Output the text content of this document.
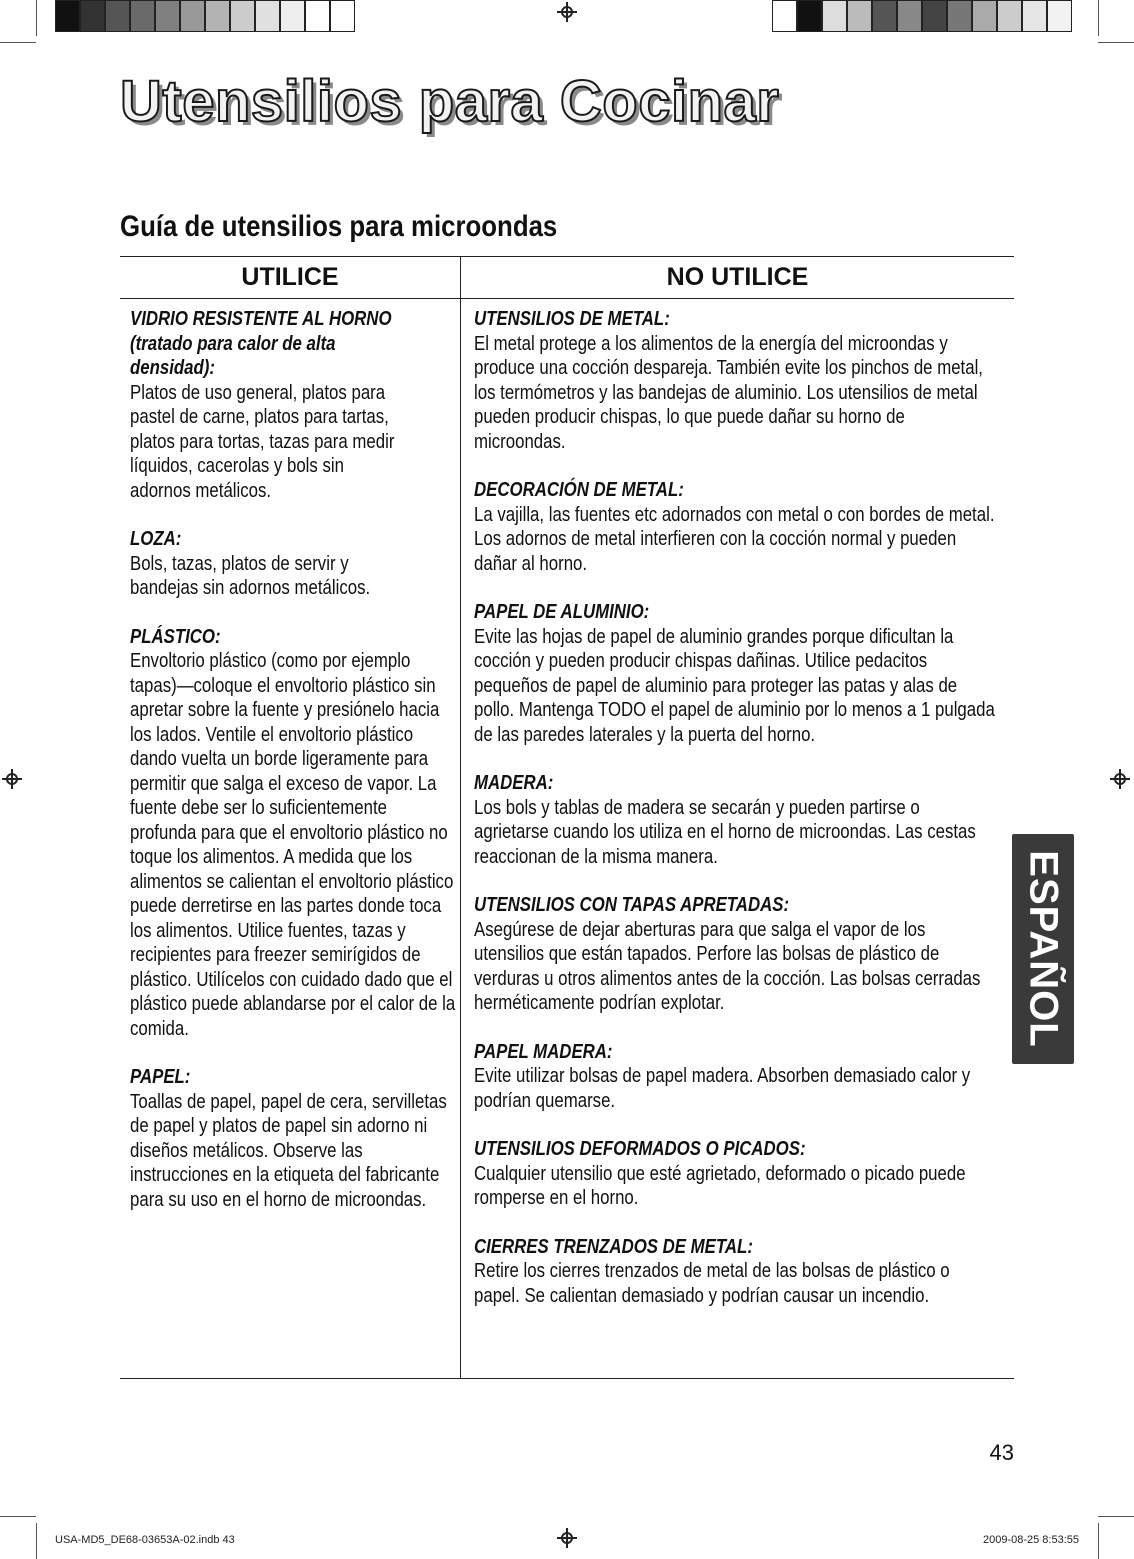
Utensilios para Cocinar
Guía de utensilios para microondas
UTILICE	NO UTILICE
VIDRIO RESISTENTE AL HORNO (tratado para calor de alta densidad):

Platos de uso general, platos para pastel de carne, platos para tartas, platos para tortas, tazas para medir líquidos, cacerolas y bols sin adornos metálicos.

LOZA:

Bols, tazas, platos de servir y bandejas sin adornos metálicos.

PLÁSTICO:

Envoltorio plástico (como por ejemplo tapas)—coloque el envoltorio plástico sin apretar sobre la fuente y presiónelo hacia los lados. Ventile el envoltorio plástico dando vuelta un borde ligeramente para permitir que salga el exceso de vapor. La fuente debe ser lo suficientemente profunda para que el envoltorio plástico no toque los alimentos. A medida que los alimentos se calientan el envoltorio plástico puede derretirse en las partes donde toca los alimentos. Utilice fuentes, tazas y recipientes para freezer semirígidos de plástico. Utilícelos con cuidado dado que el plástico puede ablandarse por el calor de la comida.

PAPEL:

Toallas de papel, papel de cera, servilletas de papel y platos de papel sin adorno ni diseños metálicos. Observe las instrucciones en la etiqueta del fabricante para su uso en el horno de microondas.

UTENSILIOS DE METAL:

El metal protege a los alimentos de la energía del microondas y produce una cocción despareja. También evite los pinchos de metal, los termómetros y las bandejas de aluminio. Los utensilios de metal pueden producir chispas, lo que puede dañar su horno de microondas.

DECORACIÓN DE METAL:

La vajilla, las fuentes etc adornados con metal o con bordes de metal. Los adornos de metal interfieren con la cocción normal y pueden dañar al horno.

PAPEL DE ALUMINIO:

Evite las hojas de papel de aluminio grandes porque dificultan la cocción y pueden producir chispas dañinas. Utilice pedacitos pequeños de papel de aluminio para proteger las patas y alas de pollo. Mantenga TODO el papel de aluminio por lo menos a 1 pulgada de las paredes laterales y la puerta del horno.

MADERA:

Los bols y tablas de madera se secarán y pueden partirse o agrietarse cuando los utiliza en el horno de microondas. Las cestas reaccionan de la misma manera.

UTENSILIOS CON TAPAS APRETADAS:

Asegúrese de dejar aberturas para que salga el vapor de los utensilios que están tapados. Perfore las bolsas de plástico de verduras u otros alimentos antes de la cocción. Las bolsas cerradas herméticamente podrían explotar.

PAPEL MADERA:

Evite utilizar bolsas de papel madera. Absorben demasiado calor y podrían quemarse.

UTENSILIOS DEFORMADOS O PICADOS:

Cualquier utensilio que esté agrietado, deformado o picado puede romperse en el horno.

CIERRES TRENZADOS DE METAL:

Retire los cierres trenzados de metal de las bolsas de plástico o papel. Se calientan demasiado y podrían causar un incendio.

ESPAÑOL
43
USA-MD5_DE68-03653A-02.indb 43	2009-08-25 8:53:55
